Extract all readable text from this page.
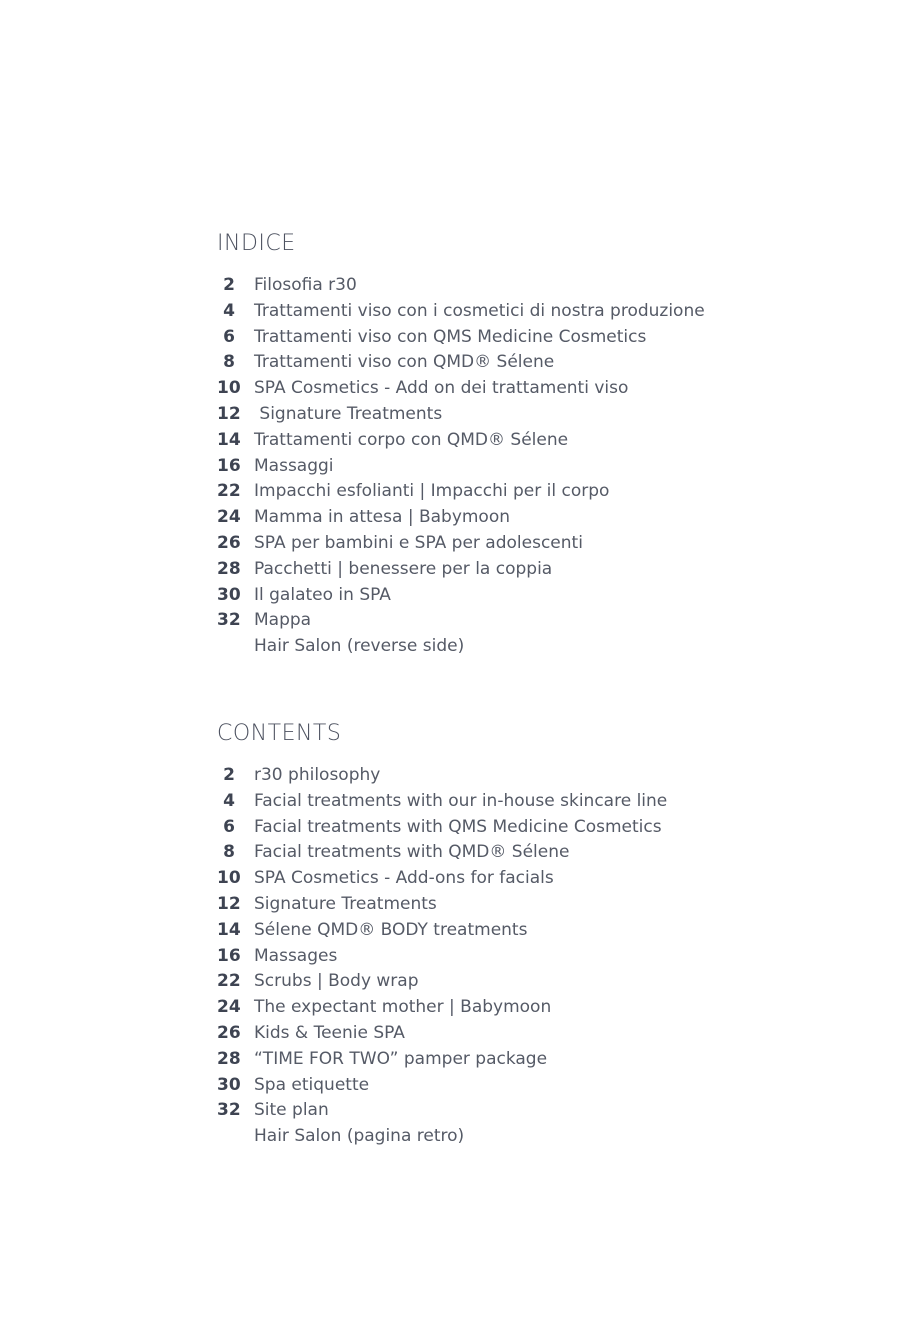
INDICE
2 Filosofia r30
4 Trattamenti viso con i cosmetici di nostra produzione
6 Trattamenti viso con QMS Medicine Cosmetics
8 Trattamenti viso con QMD® Sélene
10 SPA Cosmetics - Add on dei trattamenti viso
12 Signature Treatments
14 Trattamenti corpo con QMD® Sélene
16 Massaggi
22 Impacchi esfolianti | Impacchi per il corpo
24 Mamma in attesa | Babymoon
26 SPA per bambini e SPA per adolescenti
28 Pacchetti | benessere per la coppia
30 Il galateo in SPA
32 Mappa
Hair Salon (reverse side)
CONTENTS
2 r30 philosophy
4 Facial treatments with our in-house skincare line
6 Facial treatments with QMS Medicine Cosmetics
8 Facial treatments with QMD® Sélene
10 SPA Cosmetics - Add-ons for facials
12 Signature Treatments
14 Sélene QMD® BODY treatments
16 Massages
22 Scrubs | Body wrap
24 The expectant mother | Babymoon
26 Kids & Teenie SPA
28 “TIME FOR TWO” pamper package
30 Spa etiquette
32 Site plan
Hair Salon (pagina retro)
